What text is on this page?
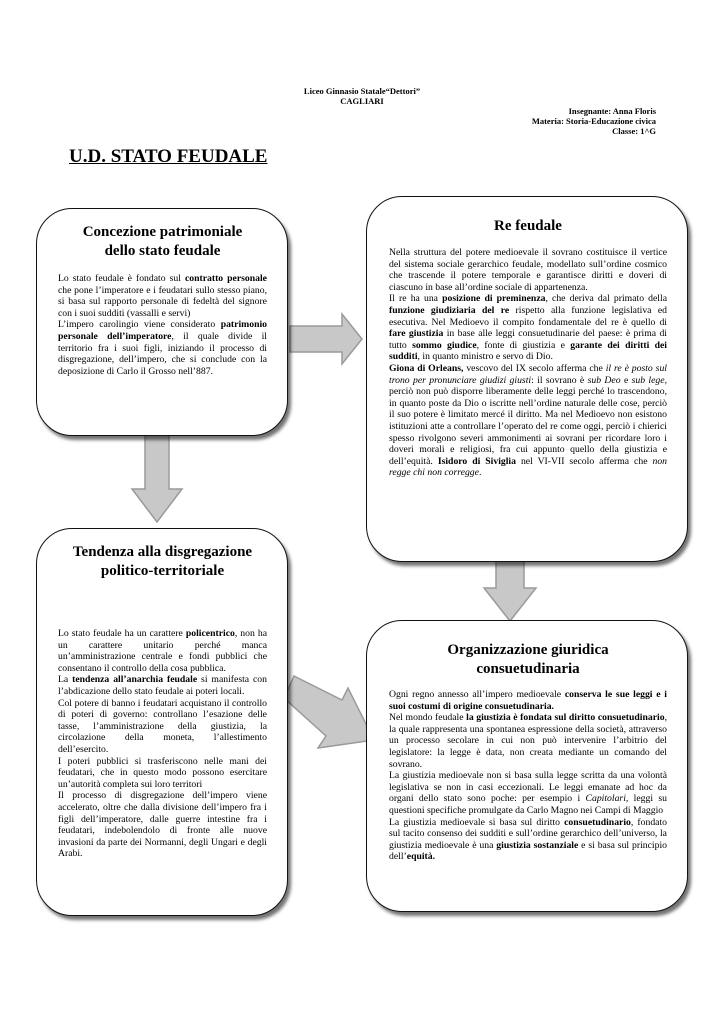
Liceo Ginnasio Statale“Dettori”
CAGLIARI
Insegnante: Anna Floris
Materia: Storia-Educazione civica
Classe: 1^G
U.D. STATO FEUDALE
Concezione patrimoniale
dello stato feudale

Lo stato feudale è fondato sul contratto personale che pone l’imperatore e i feudatari sullo stesso piano, si basa sul rapporto personale di fedeltà del signore con i suoi sudditi (vassalli e servi)

L’impero carolingio viene considerato patrimonio personale dell’imperatore, il quale divide il territorio fra i suoi figli, iniziando il processo di disgregazione, dell’impero, che si conclude con la deposizione di Carlo il Grosso nell’887.

Re feudale

Nella struttura del potere medioevale il sovrano costituisce il vertice del sistema sociale gerarchico feudale, modellato sull’ordine cosmico che trascende il potere temporale e garantisce diritti e doveri di ciascuno in base all’ordine sociale di appartenenza.

Il re ha una posizione di preminenza, che deriva dal primato della funzione giudiziaria del re rispetto alla funzione legislativa ed esecutiva. Nel Medioevo il compito fondamentale del re è quello di fare giustizia in base alle leggi consuetudinarie del paese: è prima di tutto sommo giudice, fonte di giustizia e garante dei diritti dei sudditi, in quanto ministro e servo di Dio.

Giona di Orleans, vescovo del IX secolo afferma che il re è posto sul trono per pronunciare giudizi giusti: il sovrano è sub Deo e sub lege, perciò non può disporre liberamente delle leggi perché lo trascendono, in quanto poste da Dio o iscritte nell’ordine naturale delle cose, perciò il suo potere è limitato mercé il diritto. Ma nel Medioevo non esistono istituzioni atte a controllare l’operato del re come oggi, perciò i chierici spesso rivolgono severi ammonimenti ai sovrani per ricordare loro i doveri morali e religiosi, fra cui appunto quello della giustizia e dell’equità. Isidoro di Siviglia nel VI-VII secolo afferma che non regge chi non corregge.

Tendenza alla disgregazione
politico-territoriale

Lo stato feudale ha un carattere policentrico, non ha un carattere unitario perché manca un’amministrazione centrale e fondi pubblici che consentano il controllo della cosa pubblica.

La tendenza all’anarchia feudale si manifesta con l’abdicazione dello stato feudale ai poteri locali.

Col potere di banno i feudatari acquistano il controllo di poteri di governo: controllano l’esazione delle tasse, l’amministrazione della giustizia, la circolazione della moneta, l’allestimento dell’esercito.

I poteri pubblici si trasferiscono nelle mani dei feudatari, che in questo modo possono esercitare un’autorità completa sui loro territori

Il processo di disgregazione dell’impero viene accelerato, oltre che dalla divisione dell’impero fra i figli dell’imperatore, dalle guerre intestine fra i feudatari, indebolendolo di fronte alle nuove invasioni da parte dei Normanni, degli Ungari e degli Arabi.

Organizzazione giuridica
consuetudinaria

Ogni regno annesso all’impero medioevale conserva le sue leggi e i suoi costumi di origine consuetudinaria.

Nel mondo feudale la giustizia è fondata sul diritto consuetudinario, la quale rappresenta una spontanea espressione della società, attraverso un processo secolare in cui non può intervenire l’arbitrio del legislatore: la legge è data, non creata mediante un comando del sovrano.

La giustizia medioevale non si basa sulla legge scritta da una volontà legislativa se non in casi eccezionali. Le leggi emanate ad hoc da organi dello stato sono poche: per esempio i Capitolari, leggi su questioni specifiche promulgate da Carlo Magno nei Campi di Maggio

La giustizia medioevale si basa sul diritto consuetudinario, fondato sul tacito consenso dei sudditi e sull’ordine gerarchico dell’universo, la giustizia medioevale è una giustizia sostanziale e si basa sul principio dell’equità.
